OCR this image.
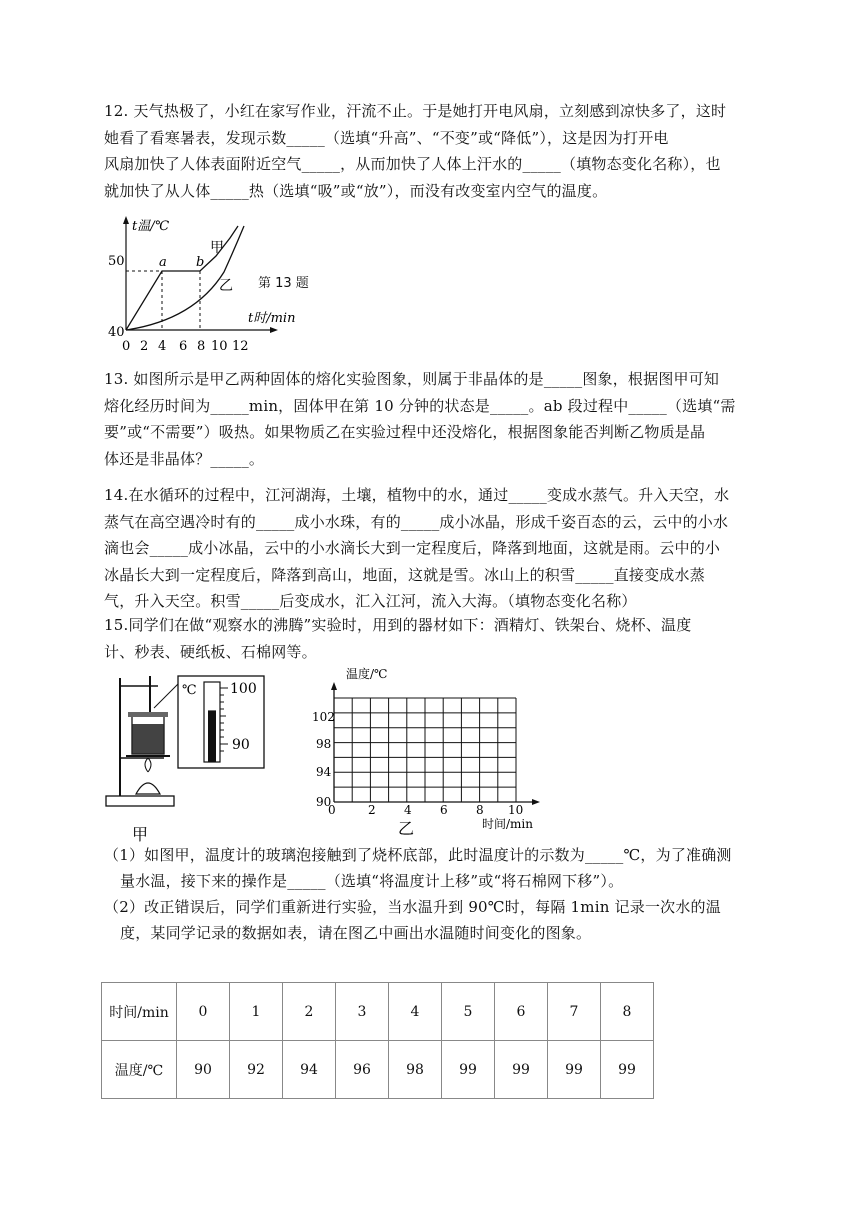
12. 天气热极了，小红在家写作业，汗流不止。于是她打开电风扇，立刻感到凉快多了，这时
她看了看寒暑表，发现示数_____（选填“升高”、“不变”或“降低”），这是因为打开电
风扇加快了人体表面附近空气_____，从而加快了人体上汗水的_____（填物态变化名称），也
就加快了从人体_____热（选填“吸”或“放”），而没有改变室内空气的温度。
t温/℃
t时/min
50
40
0 2 4 6 8 10 12
a b
甲
乙 第 13 题
13. 如图所示是甲乙两种固体的熔化实验图象，则属于非晶体的是_____图象，根据图甲可知
熔化经历时间为_____min，固体甲在第 10 分钟的状态是_____。ab 段过程中_____（选填“需
要”或“不需要”）吸热。如果物质乙在实验过程中还没熔化，根据图象能否判断乙物质是晶
体还是非晶体？_____。
14.在水循环的过程中，江河湖海，土壤，植物中的水，通过_____变成水蒸气。升入天空，水
蒸气在高空遇冷时有的_____成小水珠，有的_____成小冰晶，形成千姿百态的云，云中的小水
滴也会_____成小冰晶，云中的小水滴长大到一定程度后，降落到地面，这就是雨。云中的小
冰晶长大到一定程度后，降落到高山，地面，这就是雪。冰山上的积雪_____直接变成水蒸
气，升入天空。积雪_____后变成水，汇入江河，流入大海。（填物态变化名称）
15.同学们在做“观察水的沸腾”实验时，用到的器材如下：酒精灯、铁架台、烧杯、温度
计、秒表、硬纸板、石棉网等。
℃ 100
90
甲
温度/℃
102
98
94
90
0	2 4 6 8 10
时间/min
乙
（1）如图甲，温度计的玻璃泡接触到了烧杯底部，此时温度计的示数为_____℃，为了准确测
量水温，接下来的操作是_____（选填“将温度计上移”或“将石棉网下移”）。
（2）改正错误后，同学们重新进行实验，当水温升到 90℃时，每隔 1min 记录一次水的温
度，某同学记录的数据如表，请在图乙中画出水温随时间变化的图象。
时间/min	0	1	2	3	4	5	6	7	8
温度/℃	90	92	94	96	98	99	99	99	99
